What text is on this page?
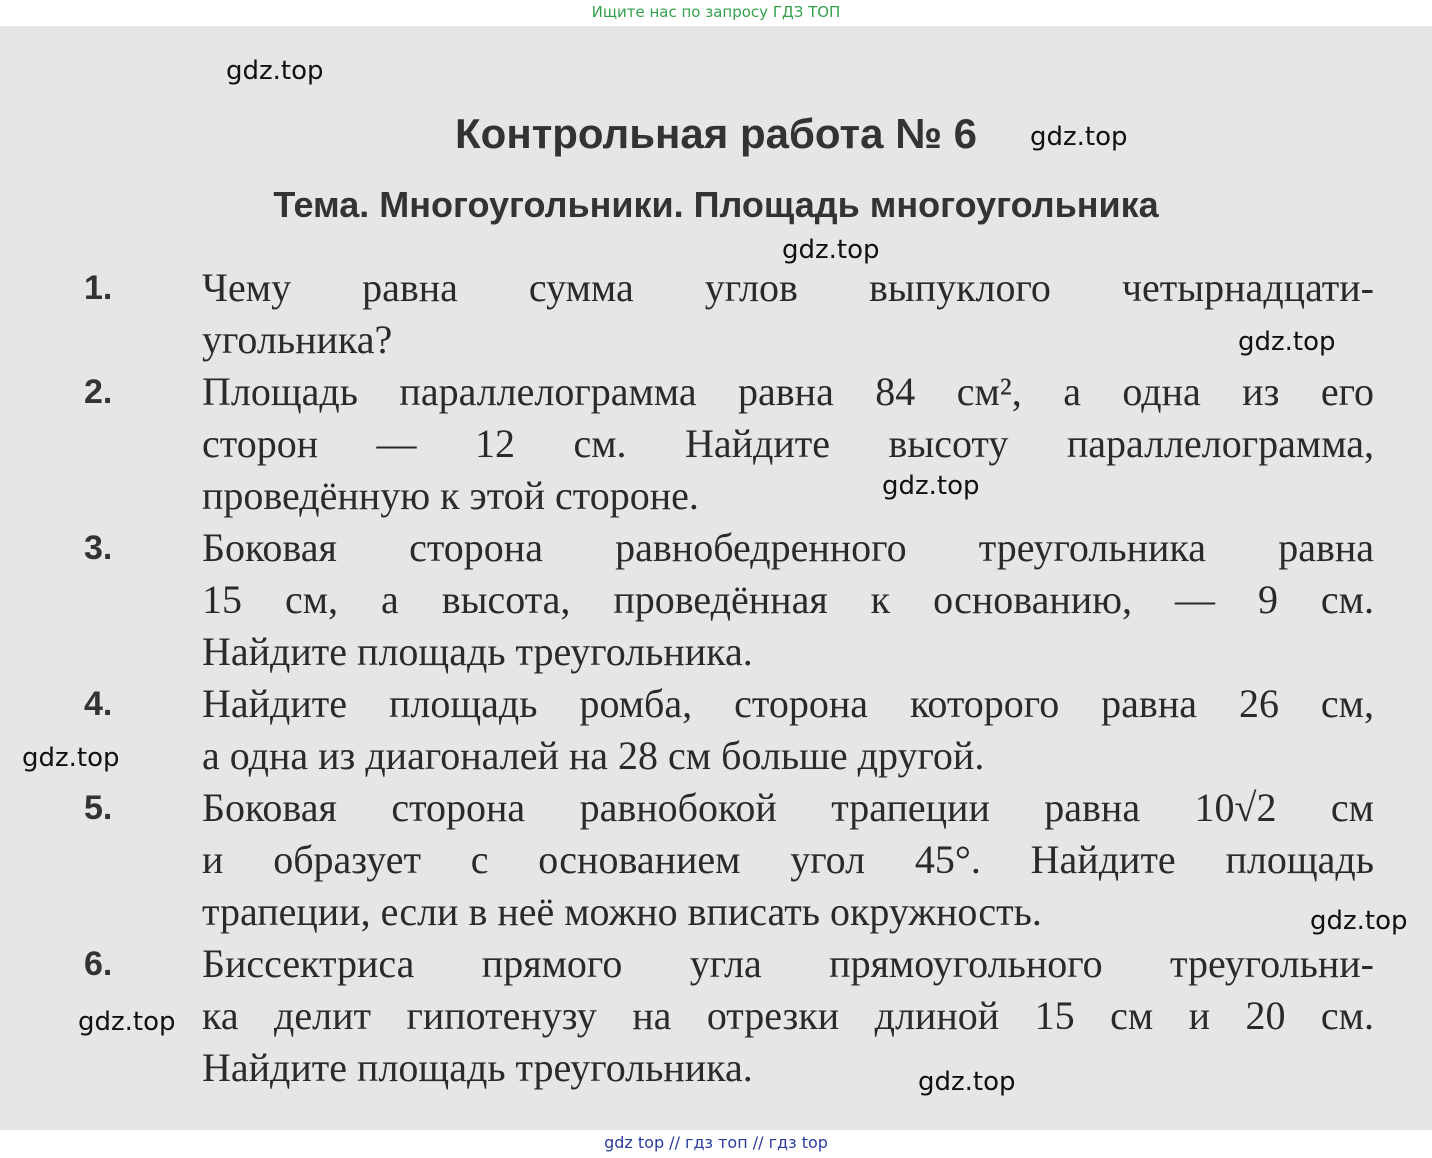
Ищите нас по запросу ГДЗ ТОП
Контрольная работа № 6
Тема. Многоугольники. Площадь многоугольника
1. Чему равна сумма углов выпуклого четырнадцати-
угольника?
2. Площадь параллелограмма равна 84 см², а одна из его
сторон — 12 см. Найдите высоту параллелограмма,
проведённую к этой стороне.
3. Боковая сторона равнобедренного треугольника равна
15 см, а высота, проведённая к основанию, — 9 см.
Найдите площадь треугольника.
4. Найдите площадь ромба, сторона которого равна 26 см,
а одна из диагоналей на 28 см больше другой.
5. Боковая сторона равнобокой трапеции равна 10√2 см
и образует с основанием угол 45°. Найдите площадь
трапеции, если в неё можно вписать окружность.
6. Биссектриса прямого угла прямоугольного треугольни-
ка делит гипотенузу на отрезки длиной 15 см и 20 см.
Найдите площадь треугольника.
gdz.top
gdz.top
gdz.top
gdz.top
gdz.top
gdz.top
gdz.top
gdz.top
gdz.top
gdz top // гдз топ // гдз top
